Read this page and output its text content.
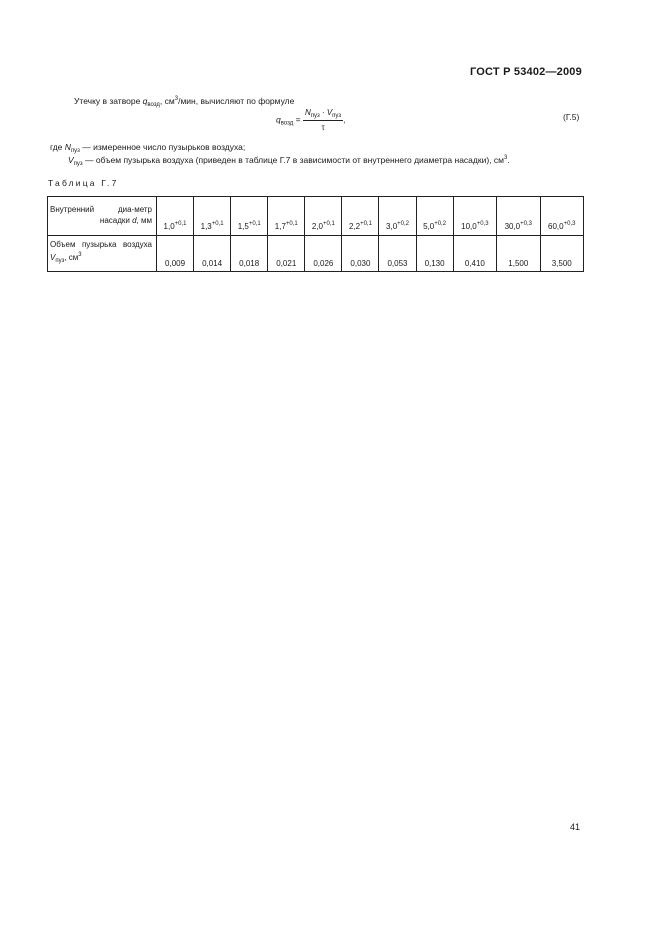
ГОСТ Р 53402—2009
Утечку в затворе $q_{возд}$, $см^3$/мин, вычисляют по формуле
$q_{возд} = \frac{N_{пуз} \cdot V_{пуз}}{\tau}$ ,	(Г.5)
где $N_{пуз}$ — измеренное число пузырьков воздуха;
$V_{пуз}$ — объем пузырька воздуха (приведен в таблице Г.7 в зависимости от внутреннего диаметра насадки), $см^3$.
Таблица Г.7
Внутренний диа-метр насадки d, мм	$1,0^{+0,1}$	$1,3^{+0,1}$	$1,5^{+0,1}$	$1,7^{+0,1}$	$2,0^{+0,1}$	$2,2^{+0,1}$	$3,0^{+0,2}$	$5,0^{+0,2}$	$10,0^{+0,3}$	$30,0^{+0,3}$	$60,0^{+0,3}$
Объем пузырька воздуха $V_{пуз}$, $см^3$	0,009	0,014	0,018	0,021	0,026	0,030	0,053	0,130	0,410	1,500	3,500
41
